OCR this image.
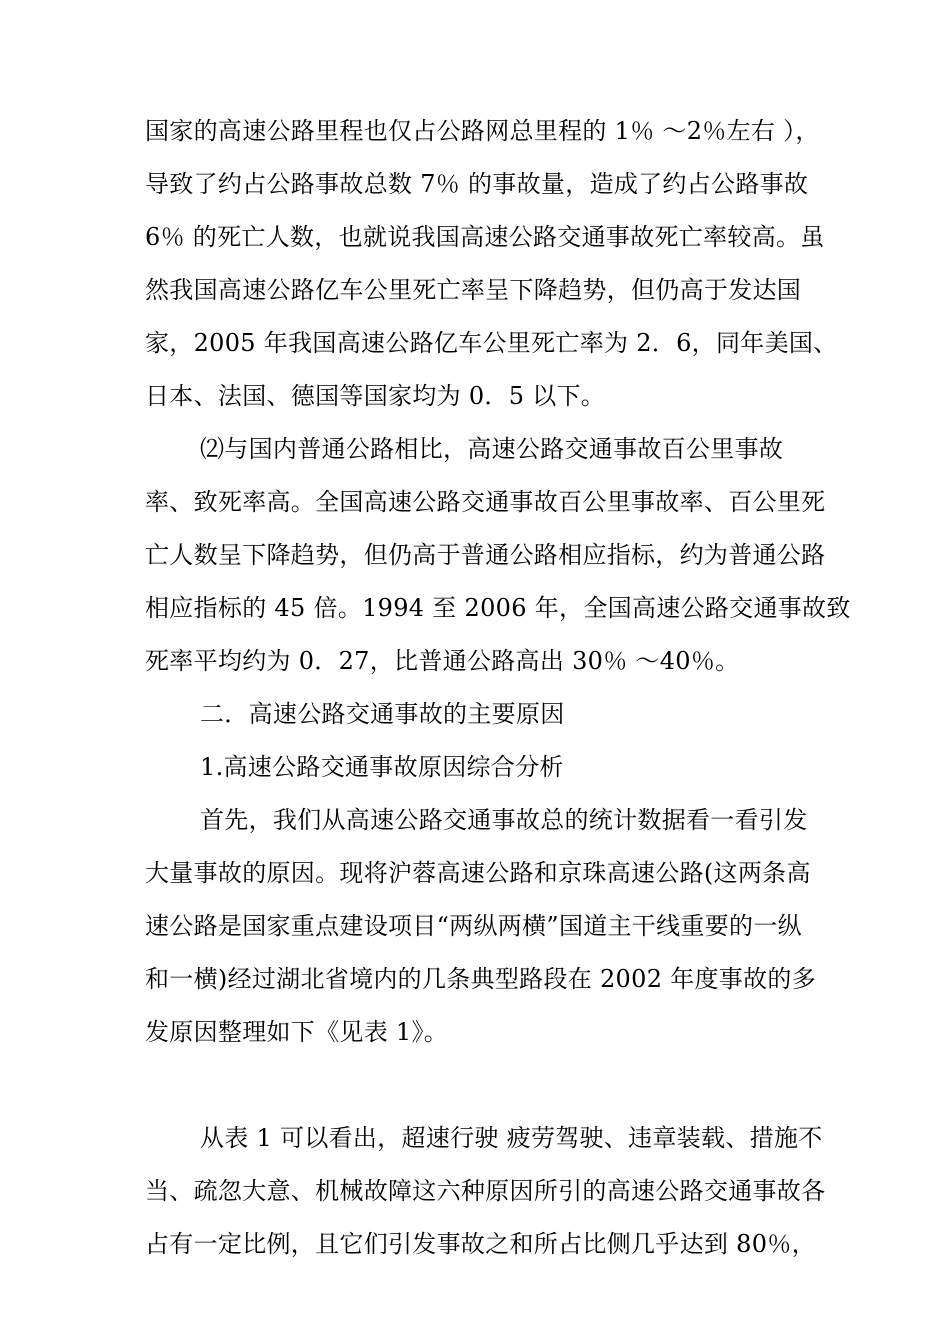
国家的高速公路里程也仅占公路网总里程的 1％ ～2％左右 ），
导致了约占公路事故总数 7％ 的事故量，造成了约占公路事故
6％ 的死亡人数，也就说我国高速公路交通事故死亡率较高。虽
然我国高速公路亿车公里死亡率呈下降趋势，但仍高于发达国
家，2005 年我国高速公路亿车公里死亡率为 2．6，同年美国、
日本、法国、德国等国家均为 0．5 以下。
⑵与国内普通公路相比，高速公路交通事故百公里事故
率、致死率高。全国高速公路交通事故百公里事故率、百公里死
亡人数呈下降趋势，但仍高于普通公路相应指标，约为普通公路
相应指标的 45 倍。1994 至 2006 年，全国高速公路交通事故致
死率平均约为 0．27，比普通公路高出 30％ ～40％。
二．高速公路交通事故的主要原因
1.高速公路交通事故原因综合分析
首先，我们从高速公路交通事故总的统计数据看一看引发
大量事故的原因。现将沪蓉高速公路和京珠高速公路(这两条高
速公路是国家重点建设项目“两纵两横”国道主干线重要的一纵
和一横)经过湖北省境内的几条典型路段在 2002 年度事故的多
发原因整理如下《见表 1》。
从表 1 可以看出，超速行驶 疲劳驾驶、违章装载、措施不
当、疏忽大意、机械故障这六种原因所引的高速公路交通事故各
占有一定比例，且它们引发事故之和所占比侧几乎达到 80％，
